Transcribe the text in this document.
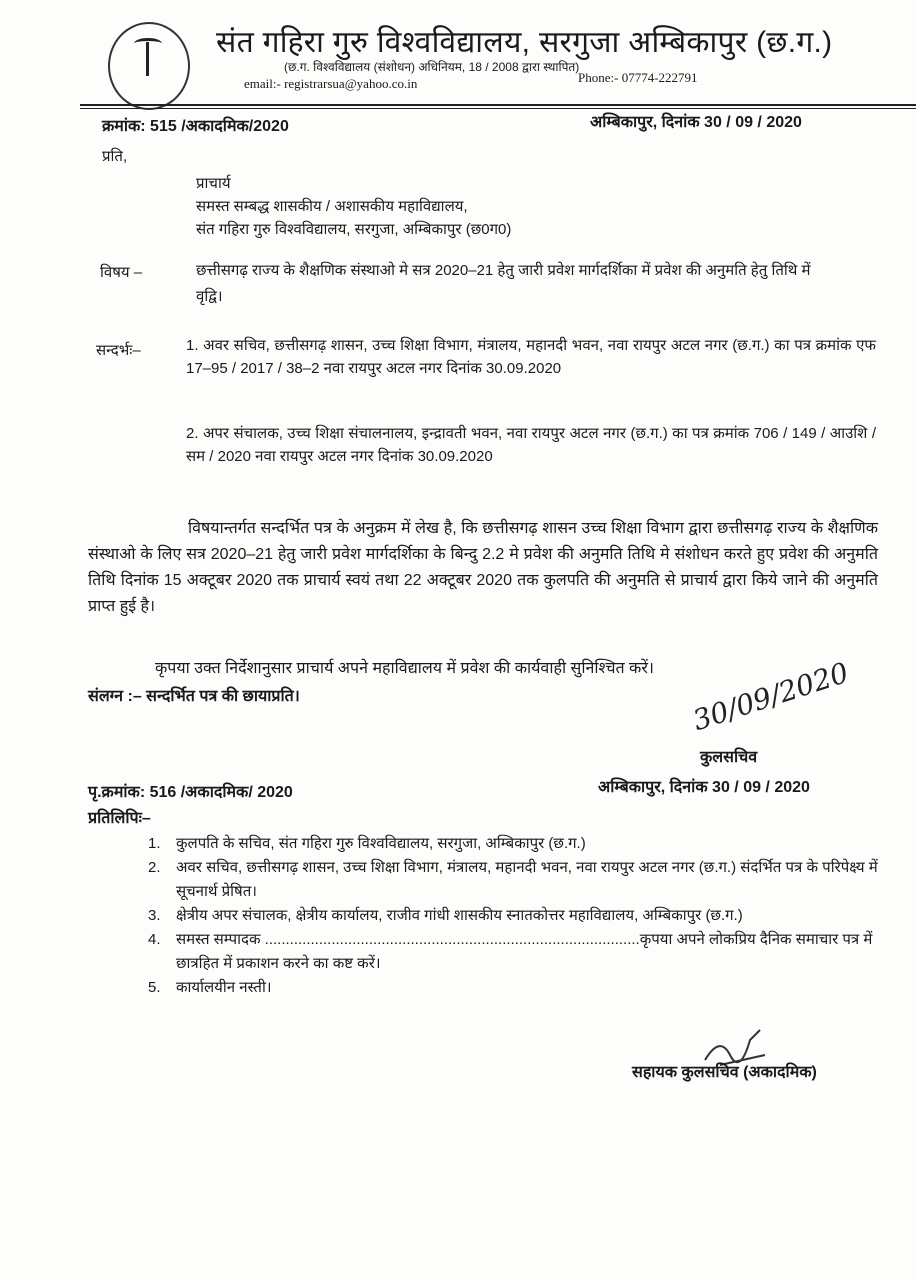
संत गहिरा गुरु विश्वविद्यालय, सरगुजा अम्बिकापुर (छ.ग.)
(छ.ग. विश्वविद्यालय (संशोधन) अधिनियम, 18 / 2008 द्वारा स्थापित)
email:- registrarsua@yahoo.co.in	Phone:- 07774-222791
क्रमांक: 515 /अकादमिक/2020	अम्बिकापुर, दिनांक 30 / 09 / 2020
प्रति,
प्राचार्य
समस्त सम्बद्ध शासकीय / अशासकीय महाविद्यालय,
संत गहिरा गुरु विश्वविद्यालय, सरगुजा, अम्बिकापुर (छ0ग0)
विषय –	छत्तीसगढ़ राज्य के शैक्षणिक संस्थाओ मे सत्र 2020–21 हेतु जारी प्रवेश मार्गदर्शिका में प्रवेश की अनुमति हेतु तिथि में वृद्वि।
सन्दर्भः–	1. अवर सचिव, छत्तीसगढ़ शासन, उच्च शिक्षा विभाग, मंत्रालय, महानदी भवन, नवा रायपुर अटल नगर (छ.ग.) का पत्र क्रमांक एफ 17–95 / 2017 / 38–2 नवा रायपुर अटल नगर दिनांक 30.09.2020
2. अपर संचालक, उच्च शिक्षा संचालनालय, इन्द्रावती भवन, नवा रायपुर अटल नगर (छ.ग.) का पत्र क्रमांक 706 / 149 / आउशि / सम / 2020 नवा रायपुर अटल नगर दिनांक 30.09.2020
विषयान्तर्गत सन्दर्भित पत्र के अनुक्रम में लेख है, कि छत्तीसगढ़ शासन उच्च शिक्षा विभाग द्वारा छत्तीसगढ़ राज्य के शैक्षणिक संस्थाओ के लिए सत्र 2020–21 हेतु जारी प्रवेश मार्गदर्शिका के बिन्दु 2.2 मे प्रवेश की अनुमति तिथि मे संशोधन करते हुए प्रवेश की अनुमति तिथि दिनांक 15 अक्टूबर 2020 तक प्राचार्य स्वयं तथा 22 अक्टूबर 2020 तक कुलपति की अनुमति से प्राचार्य द्वारा किये जाने की अनुमति प्राप्त हुई है।
कृपया उक्त निर्देशानुसार प्राचार्य अपने महाविद्यालय में प्रवेश की कार्यवाही सुनिश्चित करें।
संलग्न :– सन्दर्भित पत्र की छायाप्रति।	30/09/2020
कुलसचिव
पृ.क्रमांक: 516 /अकादमिक/ 2020	अम्बिकापुर, दिनांक 30 / 09 / 2020
प्रतिलिपिः–
1.	कुलपति के सचिव, संत गहिरा गुरु विश्वविद्यालय, सरगुजा, अम्बिकापुर (छ.ग.)
2.	अवर सचिव, छत्तीसगढ़ शासन, उच्च शिक्षा विभाग, मंत्रालय, महानदी भवन, नवा रायपुर अटल नगर (छ.ग.) संदर्भित पत्र के परिपेक्ष्य में सूचनार्थ प्रेषित।
3.	क्षेत्रीय अपर संचालक, क्षेत्रीय कार्यालय, राजीव गांधी शासकीय स्नातकोत्तर महाविद्यालय, अम्बिकापुर (छ.ग.)
4.	समस्त सम्पादक ..........................................................................................कृपया अपने लोकप्रिय दैनिक समाचार पत्र में छात्रहित में प्रकाशन करने का कष्ट करें।
5.	कार्यालयीन नस्ती।
सहायक कुलसचिव (अकादमिक)
